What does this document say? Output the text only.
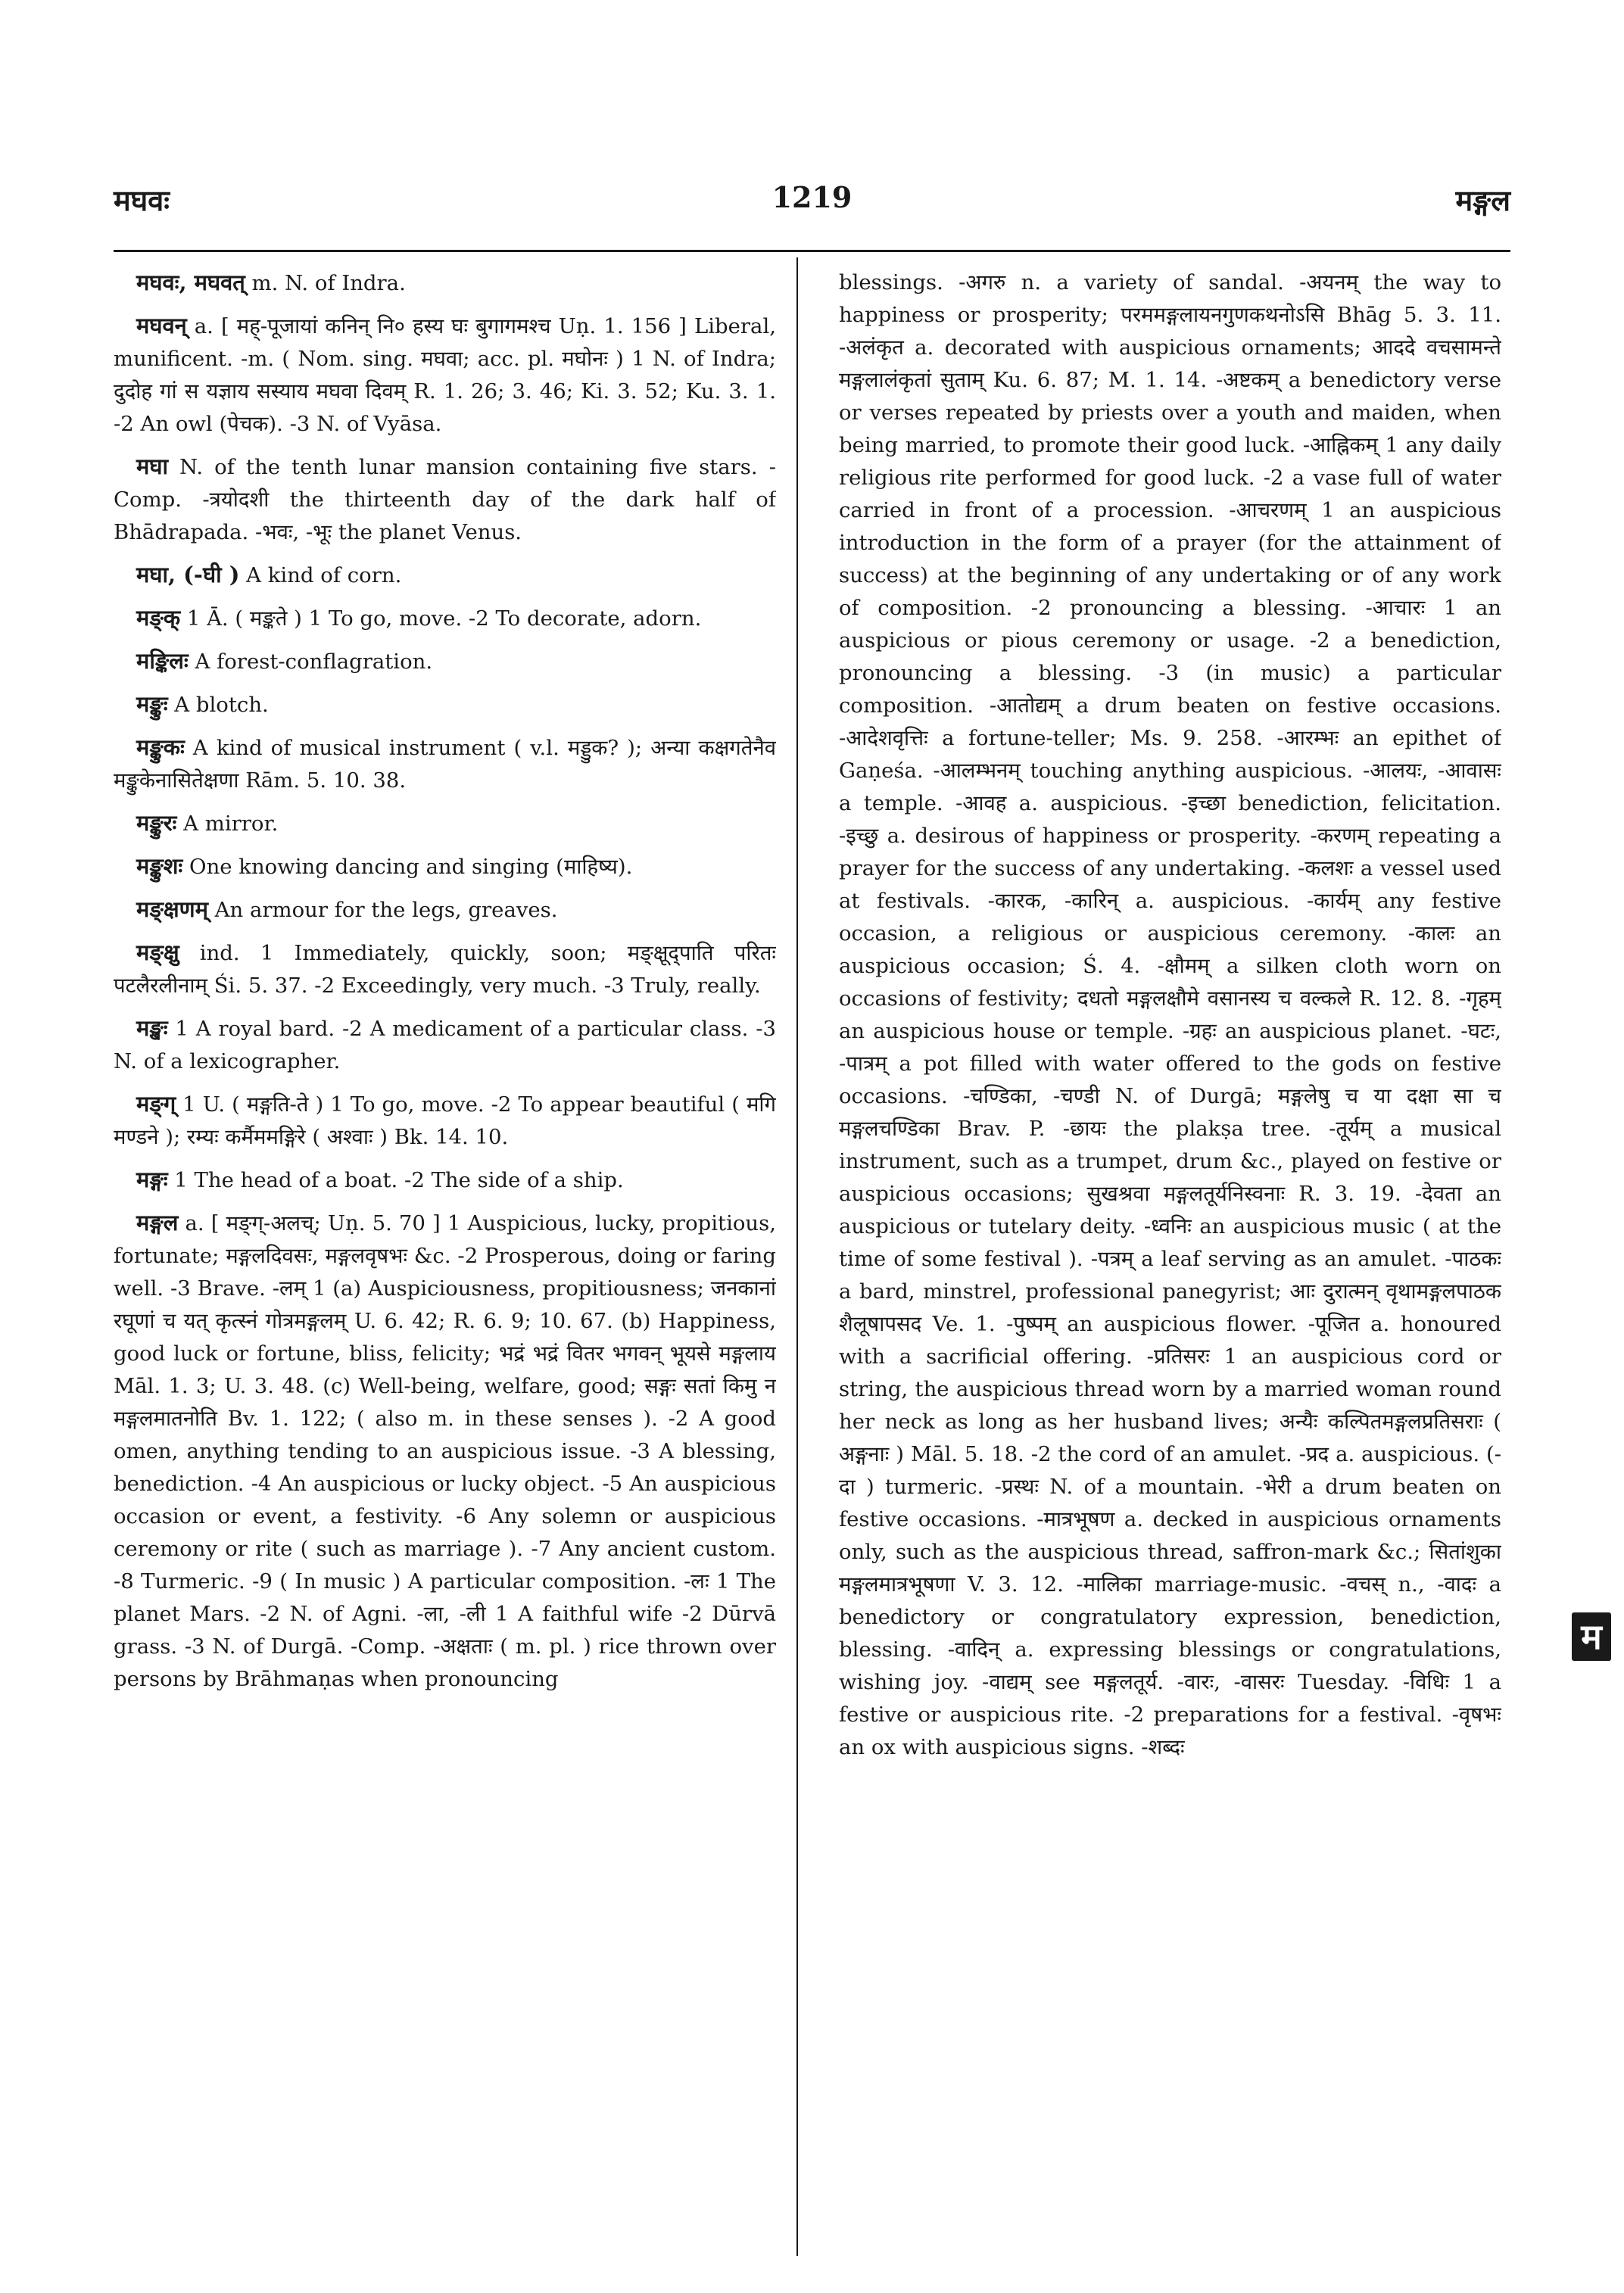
मघवः	1219	मङ्गल

मघवः, मघवत् m. N. of Indra.

मघवन् a. [ मह्-पूजायां कनिन् नि० हस्य घः बुगागमश्च Uṇ. 1. 156 ] Liberal, munificent. -m. ( Nom. sing. मघवा; acc. pl. मघोनः ) 1 N. of Indra; दुदोह गां स यज्ञाय सस्याय मघवा दिवम् R. 1. 26; 3. 46; Ki. 3. 52; Ku. 3. 1. -2 An owl (पेचक). -3 N. of Vyāsa.

मघा N. of the tenth lunar mansion containing five stars. -Comp. -त्रयोदशी the thirteenth day of the dark half of Bhādrapada. -भवः, -भूः the planet Venus.

मघा, (-घी ) A kind of corn.

मङ्क् 1 Ā. ( मङ्कते ) 1 To go, move. -2 To decorate, adorn.

मङ्किलः A forest-conflagration.

मङ्कुः A blotch.

मङ्कुकः A kind of musical instrument ( v.l. मड्डुक? ); अन्या कक्षगतेनैव मङ्कुकेनासितेक्षणा Rām. 5. 10. 38.

मङ्कुरः A mirror.

मङ्कुशः One knowing dancing and singing (माहिष्य).

मङ्क्षणम् An armour for the legs, greaves.

मङ्क्षु ind. 1 Immediately, quickly, soon; मङ्क्षूद्‌पाति परितः पटलैरलीनाम् Śi. 5. 37. -2 Exceedingly, very much. -3 Truly, really.

मङ्खः 1 A royal bard. -2 A medicament of a particular class. -3 N. of a lexicographer.

मङ्ग् 1 U. ( मङ्गति-ते ) 1 To go, move. -2 To appear beautiful ( मगि मण्डने ); रम्यः कर्मैममङ्गिरे ( अश्वाः ) Bk. 14. 10.

मङ्गः 1 The head of a boat. -2 The side of a ship.

मङ्गल a. [ मङ्ग्-अलच्; Uṇ. 5. 70 ] 1 Auspicious, lucky, propitious, fortunate; मङ्गलदिवसः, मङ्गलवृषभः &c. -2 Prosperous, doing or faring well. -3 Brave. -लम् 1 (a) Auspiciousness, propitiousness; जनकानां रघूणां च यत् कृत्स्नं गोत्रमङ्गलम् U. 6. 42; R. 6. 9; 10. 67. (b) Happiness, good luck or fortune, bliss, felicity; भद्रं भद्रं वितर भगवन् भूयसे मङ्गलाय Māl. 1. 3; U. 3. 48. (c) Well-being, welfare, good; सङ्गः सतां किमु न मङ्गलमातनोति Bv. 1. 122; ( also m. in these senses ). -2 A good omen, anything tending to an auspicious issue. -3 A blessing, benediction. -4 An auspicious or lucky object. -5 An auspicious occasion or event, a festivity. -6 Any solemn or auspicious ceremony or rite ( such as marriage ). -7 Any ancient custom. -8 Turmeric. -9 ( In music ) A particular composition. -लः 1 The planet Mars. -2 N. of Agni. -ला, -ली 1 A faithful wife -2 Dūrvā grass. -3 N. of Durgā. -Comp. -अक्षताः ( m. pl. ) rice thrown over persons by Brāhmaṇas when pronouncing

blessings. -अगरु n. a variety of sandal. -अयनम् the way to happiness or prosperity; परममङ्गलायनगुणकथनोऽसि Bhāg 5. 3. 11. -अलंकृत a. decorated with auspicious ornaments; आददे वचसामन्ते मङ्गलालंकृतां सुताम् Ku. 6. 87; M. 1. 14. -अष्टकम् a benedictory verse or verses repeated by priests over a youth and maiden, when being married, to promote their good luck. -आह्निकम् 1 any daily religious rite performed for good luck. -2 a vase full of water carried in front of a procession. -आचरणम् 1 an auspicious introduction in the form of a prayer (for the attainment of success) at the beginning of any undertaking or of any work of composition. -2 pronouncing a blessing. -आचारः 1 an auspicious or pious ceremony or usage. -2 a benediction, pronouncing a blessing. -3 (in music) a particular composition. -आतोद्यम् a drum beaten on festive occasions. -आदेशवृत्तिः a fortune-teller; Ms. 9. 258. -आरम्भः an epithet of Gaṇeśa. -आलम्भनम् touching anything auspicious. -आलयः, -आवासः a temple. -आवह a. auspicious. -इच्छा benediction, felicitation. -इच्छु a. desirous of happiness or prosperity. -करणम् repeating a prayer for the success of any undertaking. -कलशः a vessel used at festivals. -कारक, -कारिन् a. auspicious. -कार्यम् any festive occasion, a religious or auspicious ceremony. -कालः an auspicious occasion; Ś. 4. -क्षौमम् a silken cloth worn on occasions of festivity; दधतो मङ्गलक्षौमे वसानस्य च वल्कले R. 12. 8. -गृहम् an auspicious house or temple. -ग्रहः an auspicious planet. -घटः, -पात्रम् a pot filled with water offered to the gods on festive occasions. -चण्डिका, -चण्डी N. of Durgā; मङ्गलेषु च या दक्षा सा च मङ्गलचण्डिका Brav. P. -छायः the plakṣa tree. -तूर्यम् a musical instrument, such as a trumpet, drum &c., played on festive or auspicious occasions; सुखश्रवा मङ्गलतूर्यनिस्वनाः R. 3. 19. -देवता an auspicious or tutelary deity. -ध्वनिः an auspicious music ( at the time of some festival ). -पत्रम् a leaf serving as an amulet. -पाठकः a bard, minstrel, professional panegyrist; आः दुरात्मन् वृथामङ्गलपाठक शैलूषापसद Ve. 1. -पुष्पम् an auspicious flower. -पूजित a. honoured with a sacrificial offering. -प्रतिसरः 1 an auspicious cord or string, the auspicious thread worn by a married woman round her neck as long as her husband lives; अन्यैः कल्पितमङ्गलप्रतिसराः ( अङ्गनाः ) Māl. 5. 18. -2 the cord of an amulet. -प्रद a. auspicious. (-दा ) turmeric. -प्रस्थः N. of a mountain. -भेरी a drum beaten on festive occasions. -मात्रभूषण a. decked in auspicious ornaments only, such as the auspicious thread, saffron-mark &c.; सितांशुका मङ्गलमात्रभूषणा V. 3. 12. -मालिका marriage-music. -वचस् n., -वादः a benedictory or congratulatory expression, benediction, blessing. -वादिन् a. expressing blessings or congratulations, wishing joy. -वाद्यम् see मङ्गलतूर्य. -वारः, -वासरः Tuesday. -विधिः 1 a festive or auspicious rite. -2 preparations for a festival. -वृषभः an ox with auspicious signs. -शब्दः

म
